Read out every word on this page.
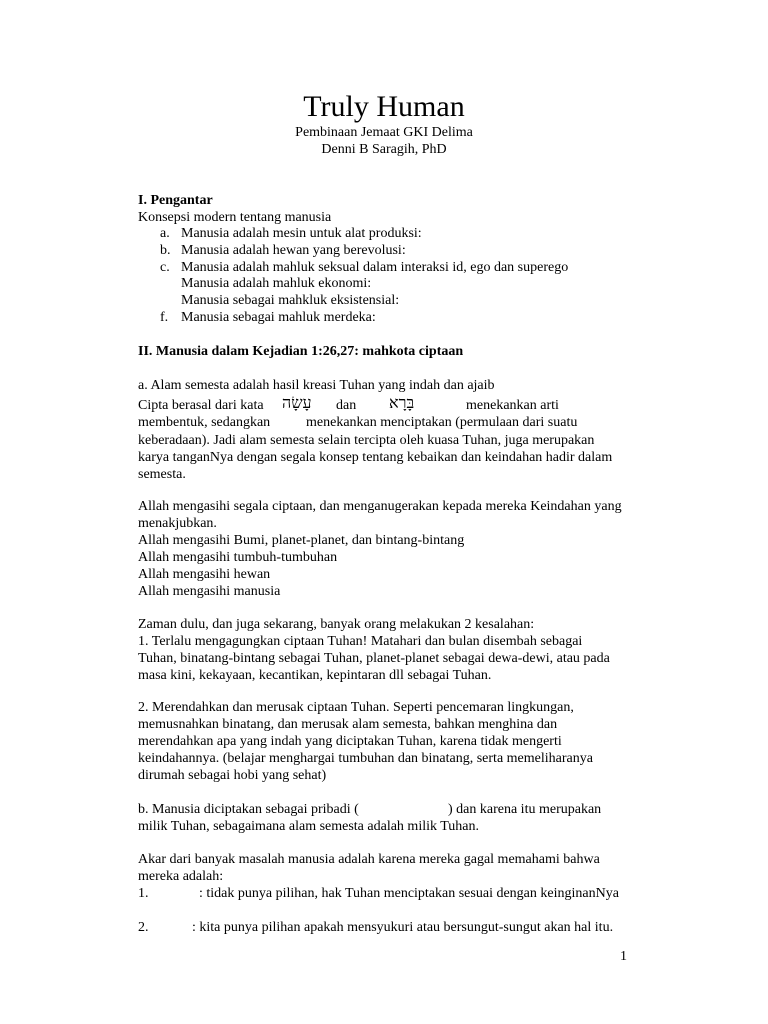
Truly Human
Pembinaan Jemaat GKI Delima
Denni B Saragih, PhD
I. Pengantar
Konsepsi modern tentang manusia
a. Manusia adalah mesin untuk alat produksi:
b. Manusia adalah hewan yang berevolusi:
c. Manusia adalah mahluk seksual dalam interaksi id, ego dan superego
Manusia adalah mahluk ekonomi:
Manusia sebagai mahkluk eksistensial:
f. Manusia sebagai mahluk merdeka:
II. Manusia dalam Kejadian 1:26,27: mahkota ciptaan
a. Alam semesta adalah hasil kreasi Tuhan yang indah dan ajaib
Cipta berasal dari kata עָשָׂה dan בָּרָא	menekankan arti
membentuk, sedangkan	menekankan menciptakan (permulaan dari suatu
keberadaan). Jadi alam semesta selain tercipta oleh kuasa Tuhan, juga merupakan
karya tanganNya dengan segala konsep tentang kebaikan dan keindahan hadir dalam
semesta.
Allah mengasihi segala ciptaan, dan menganugerakan kepada mereka Keindahan yang
menakjubkan.
Allah mengasihi Bumi, planet-planet, dan bintang-bintang
Allah mengasihi tumbuh-tumbuhan
Allah mengasihi hewan
Allah mengasihi manusia
Zaman dulu, dan juga sekarang, banyak orang melakukan 2 kesalahan:
1. Terlalu mengagungkan ciptaan Tuhan! Matahari dan bulan disembah sebagai
Tuhan, binatang-bintang sebagai Tuhan, planet-planet sebagai dewa-dewi, atau pada
masa kini, kekayaan, kecantikan, kepintaran dll sebagai Tuhan.
2. Merendahkan dan merusak ciptaan Tuhan. Seperti pencemaran lingkungan,
memusnahkan binatang, dan merusak alam semesta, bahkan menghina dan
merendahkan apa yang indah yang diciptakan Tuhan, karena tidak mengerti
keindahannya. (belajar menghargai tumbuhan dan binatang, serta memeliharanya
dirumah sebagai hobi yang sehat)
b. Manusia diciptakan sebagai pribadi (	) dan karena itu merupakan
milik Tuhan, sebagaimana alam semesta adalah milik Tuhan.
Akar dari banyak masalah manusia adalah karena mereka gagal memahami bahwa
mereka adalah:
1.	: tidak punya pilihan, hak Tuhan menciptakan sesuai dengan keinginanNya
2.	: kita punya pilihan apakah mensyukuri atau bersungut-sungut akan hal itu.
1
